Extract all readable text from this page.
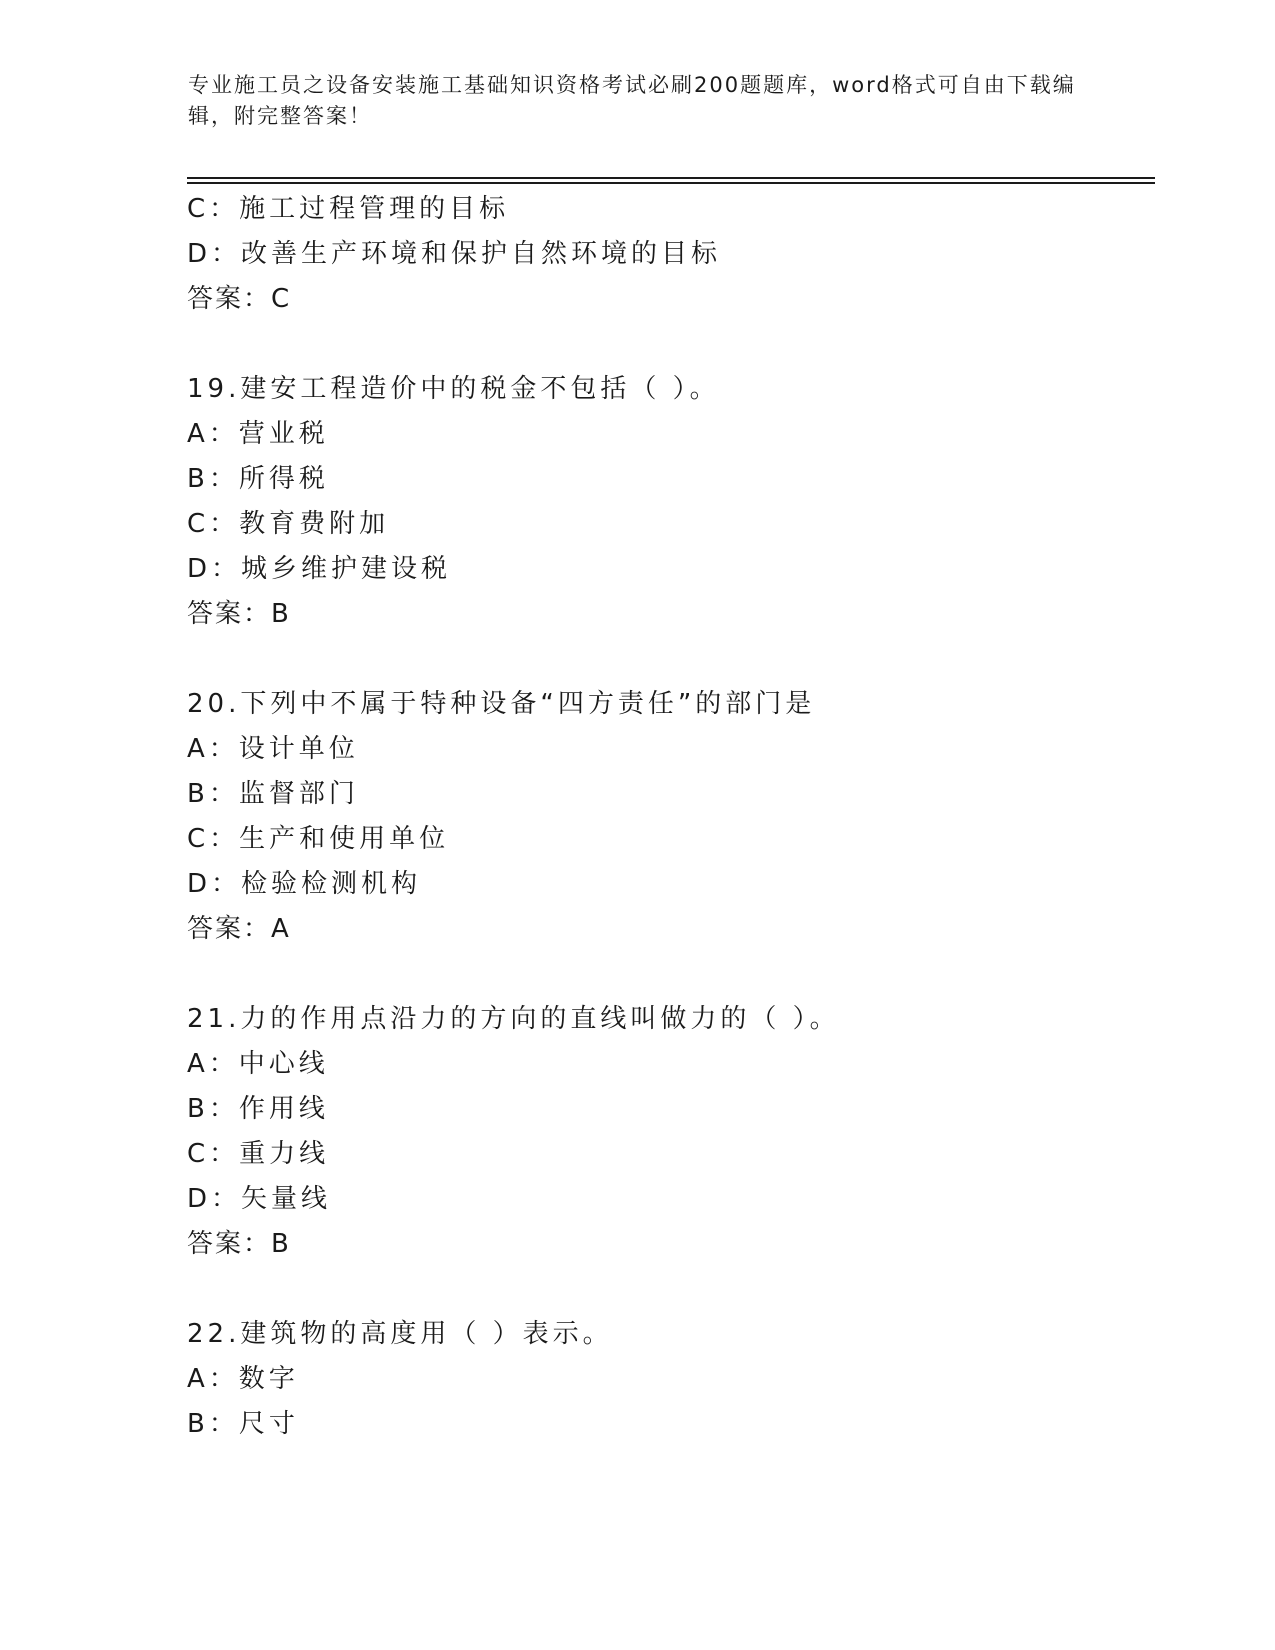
专业施工员之设备安装施工基础知识资格考试必刷200题题库，word格式可自由下载编辑，附完整答案！
C：施工过程管理的目标
D：改善生产环境和保护自然环境的目标
答案：C
19.建安工程造价中的税金不包括（ ）。
A：营业税
B：所得税
C：教育费附加
D：城乡维护建设税
答案：B
20.下列中不属于特种设备“四方责任”的部门是
A：设计单位
B：监督部门
C：生产和使用单位
D：检验检测机构
答案：A
21.力的作用点沿力的方向的直线叫做力的（ ）。
A：中心线
B：作用线
C：重力线
D：矢量线
答案：B
22.建筑物的高度用（ ）表示。
A：数字
B：尺寸
